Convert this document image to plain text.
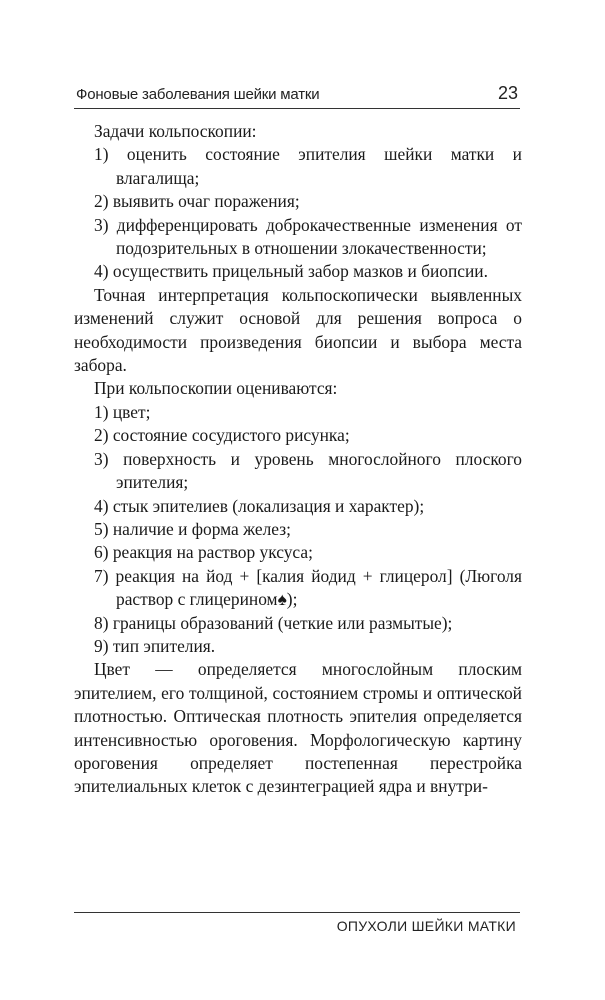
Фоновые заболевания шейки матки	23

Задачи кольпоскопии:

1) оценить состояние эпителия шейки матки и влагалища;

2) выявить очаг поражения;

3) дифференцировать доброкачественные изменения от подозрительных в отношении злокачественности;

4) осуществить прицельный забор мазков и биопсии.

Точная интерпретация кольпоскопически выявленных изменений служит основой для решения вопроса о необходимости произведения биопсии и выбора места забора.

При кольпоскопии оцениваются:

1) цвет;

2) состояние сосудистого рисунка;

3) поверхность и уровень многослойного плоского эпителия;

4) стык эпителиев (локализация и характер);

5) наличие и форма желез;

6) реакция на раствор уксуса;

7) реакция на йод + [калия йодид + глицерол] (Люголя раствор с глицерином♠);

8) границы образований (четкие или размытые);

9) тип эпителия.

Цвет — определяется многослойным плоским эпителием, его толщиной, состоянием стромы и оптической плотностью. Оптическая плотность эпителия определяется интенсивностью ороговения. Морфологическую картину ороговения определяет постепенная перестройка эпителиальных клеток с дезинтеграцией ядра и внутри-

ОПУХОЛИ ШЕЙКИ МАТКИ
